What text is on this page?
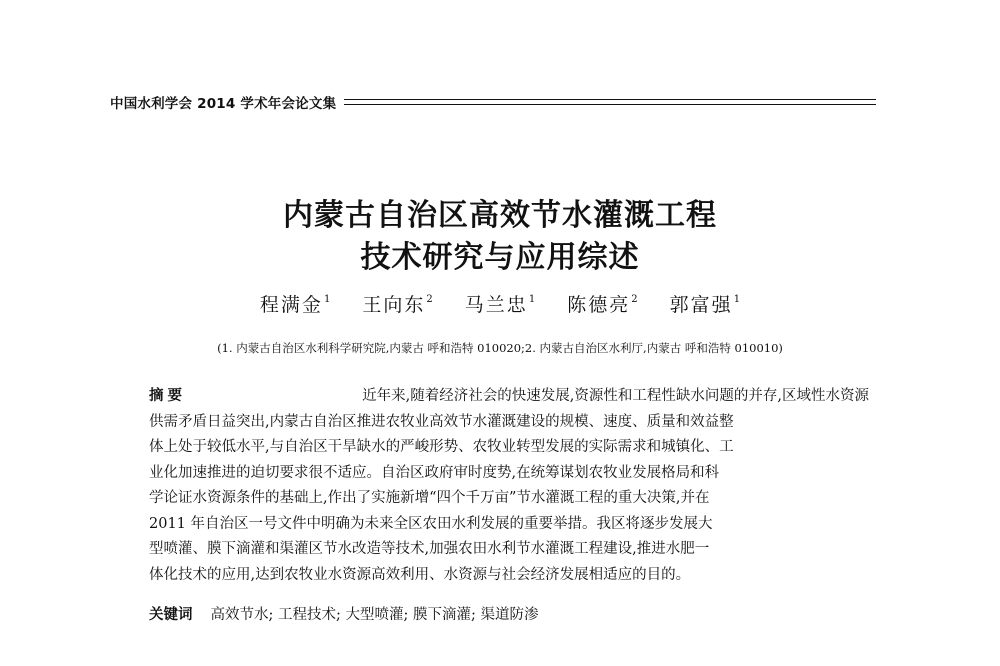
中国水利学会 2014 学术年会论文集
内蒙古自治区高效节水灌溉工程
技术研究与应用综述
程满金$^1$ 王向东$^2$ 马兰忠$^1$ 陈德亮$^2$ 郭富强$^1$
(1. 内蒙古自治区水利科学研究院,内蒙古 呼和浩特 010020;2. 内蒙古自治区水利厅,内蒙古 呼和浩特 010010)
摘要	近年来,随着经济社会的快速发展,资源性和工程性缺水问题的并存,区域性水资源
供需矛盾日益突出,内蒙古自治区推进农牧业高效节水灌溉建设的规模、速度、质量和效益整
体上处于较低水平,与自治区干旱缺水的严峻形势、农牧业转型发展的实际需求和城镇化、工
业化加速推进的迫切要求很不适应。自治区政府审时度势,在统筹谋划农牧业发展格局和科
学论证水资源条件的基础上,作出了实施新增“四个千万亩”节水灌溉工程的重大决策,并在
2011 年自治区一号文件中明确为未来全区农田水利发展的重要举措。我区将逐步发展大
型喷灌、膜下滴灌和渠灌区节水改造等技术,加强农田水利节水灌溉工程建设,推进水肥一
体化技术的应用,达到农牧业水资源高效利用、水资源与社会经济发展相适应的目的。
关键词 高效节水; 工程技术; 大型喷灌; 膜下滴灌; 渠道防渗
